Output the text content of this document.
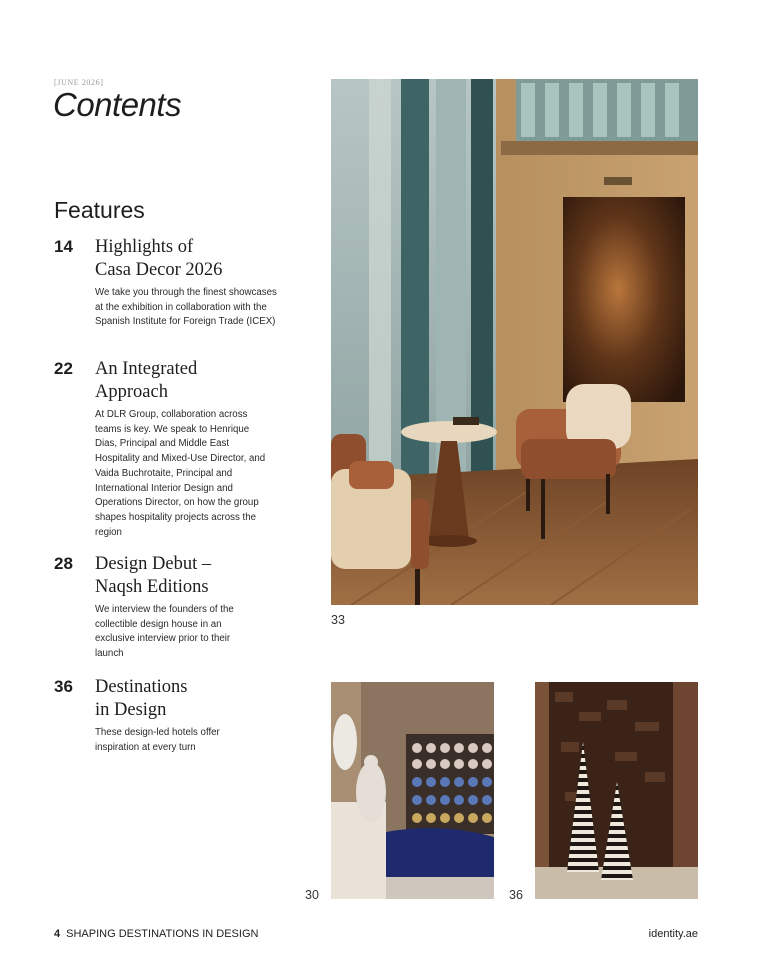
[JUNE 2026]
Contents
Features
14 Highlights of
Casa Decor 2026
We take you through the finest showcases at the exhibition in collaboration with the Spanish Institute for Foreign Trade (ICEX)
22 An Integrated
Approach
At DLR Group, collaboration across teams is key. We speak to Henrique Dias, Principal and Middle East Hospitality and Mixed-Use Director, and Vaida Buchrotaite, Principal and International Interior Design and Operations Director, on how the group shapes hospitality projects across the region
28 Design Debut –
Naqsh Editions
We interview the founders of the collectible design house in an exclusive interview prior to their launch
36 Destinations
in Design
These design-led hotels offer inspiration at every turn
33
30	36
4 SHAPING DESTINATIONS IN DESIGN	identity.ae
